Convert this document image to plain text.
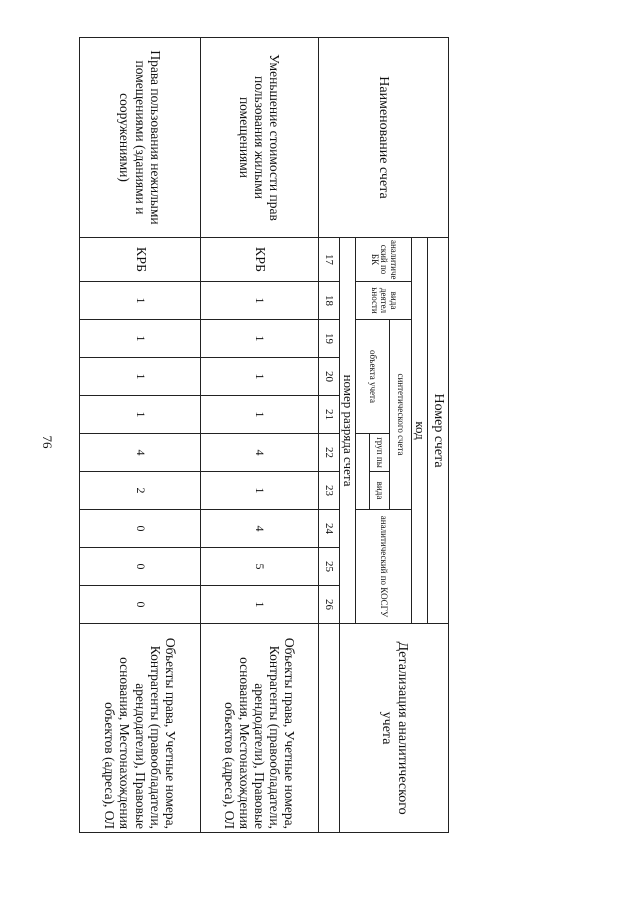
76
Наименование счета	Номер счета										Детализация аналитического учета
	код										
	аналитиче ский по БК	вида деятел ьности	синтетического счета					аналитический по КОСГУ			
			объекта учета			груп пы	вида				

	номер разряда счета										
	17	18	19	20	21	22	23	24	25	26	
Уменьшение стоимости прав пользования жилыми помещениями	КРБ	1	1	1	1	4	1	4	5	1	Объекты права, Учетные номера, Контрагенты (правообладатели, арендодатели), Правовые основания, Местонахождения объектов (адреса), ОЛ
Права пользования нежилыми помещениями (зданиями и сооружениями)	КРБ	1	1	1	1	4	2	0	0	0	Объекты права, Учетные номера, Контрагенты (правообладатели, арендодатели), Правовые основания, Местонахождения объектов (адреса), ОЛ
